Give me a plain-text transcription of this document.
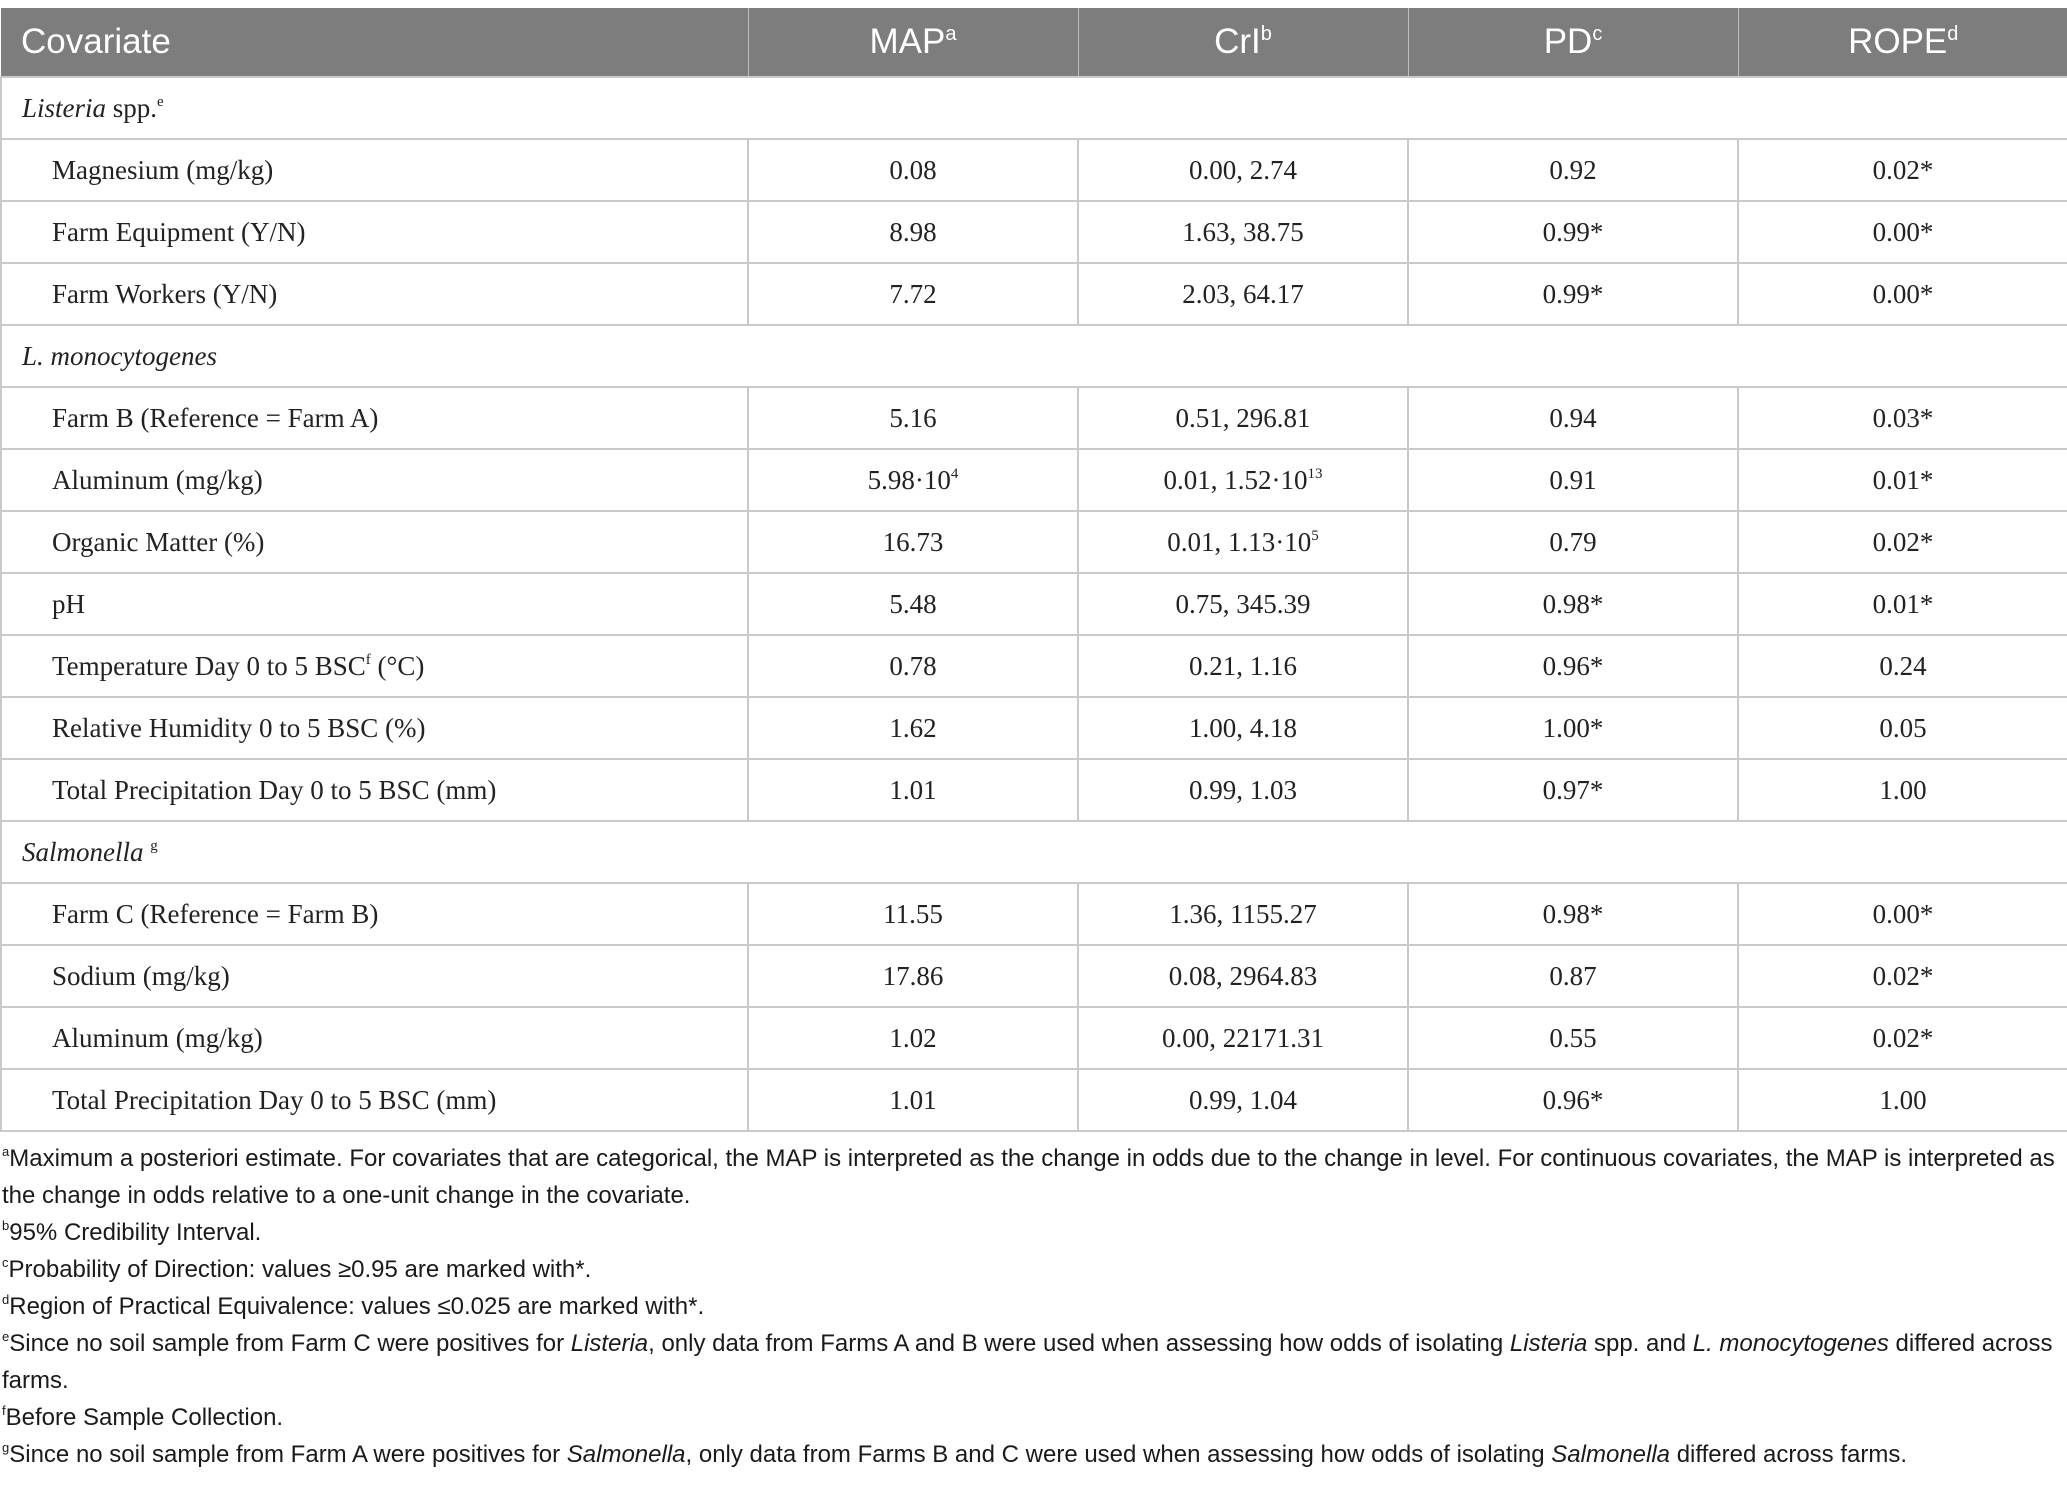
Covariate	MAP$^a$	CrI$^b$	$PD^c$	ROPE$^d$
Listeria spp.$^e$
Magnesium (mg/kg)	0.08	0.00, 2.74	0.92	0.02*
Farm Equipment (Y/N)	8.98	1.63, 38.75	0.99*	0.00*
Farm Workers (Y/N)	7.72	2.03, 64.17	0.99*	0.00*
L. monocytogenes				
Farm B (Reference = Farm A)	5.16	0.51, 296.81	0.94	0.03*
Aluminum (mg/kg)	$5.98\cdot 10^4$	0.01, $1.52\cdot 10^{13}$	0.91	0.01*
Organic Matter (%)	16.73	0.01, $1.13\cdot 10^5$	0.79	0.02*
pH	5.48	0.75, 345.39	0.98*	0.01*
Temperature Day 0 to 5 BSC$^f$ (°C)	0.78	0.21, 1.16	0.96*	0.24
Relative Humidity 0 to 5 BSC (%)	1.62	1.00, 4.18	1.00*	0.05
Total Precipitation Day 0 to 5 BSC (mm)	1.01	0.99, 1.03	0.97*	1.00
Salmonella $^g$
Farm C (Reference = Farm B)	11.55	1.36, 1155.27	0.98*	0.00*
Sodium (mg/kg)	17.86	0.08, 2964.83	0.87	0.02*
Aluminum (mg/kg)	1.02	0.00, 22171.31	0.55	0.02*
Total Precipitation Day 0 to 5 BSC (mm)	1.01	0.99, 1.04	0.96*	1.00

$^a$Maximum a posteriori estimate. For covariates that are categorical, the MAP is interpreted as the change in odds due to the change in level. For continuous covariates, the MAP is interpreted as the change in odds relative to a one-unit change in the covariate.

$^b$95% Credibility Interval.

$^c$Probability of Direction: values ≥0.95 are marked with*.

$^d$Region of Practical Equivalence: values ≤0.025 are marked with*.

$^e$Since no soil sample from Farm C were positives for Listeria, only data from Farms A and B were used when assessing how odds of isolating Listeria spp. and L. monocytogenes differed across farms.

$^f$Before Sample Collection.

$^g$Since no soil sample from Farm A were positives for Salmonella, only data from Farms B and C were used when assessing how odds of isolating Salmonella differed across farms.
